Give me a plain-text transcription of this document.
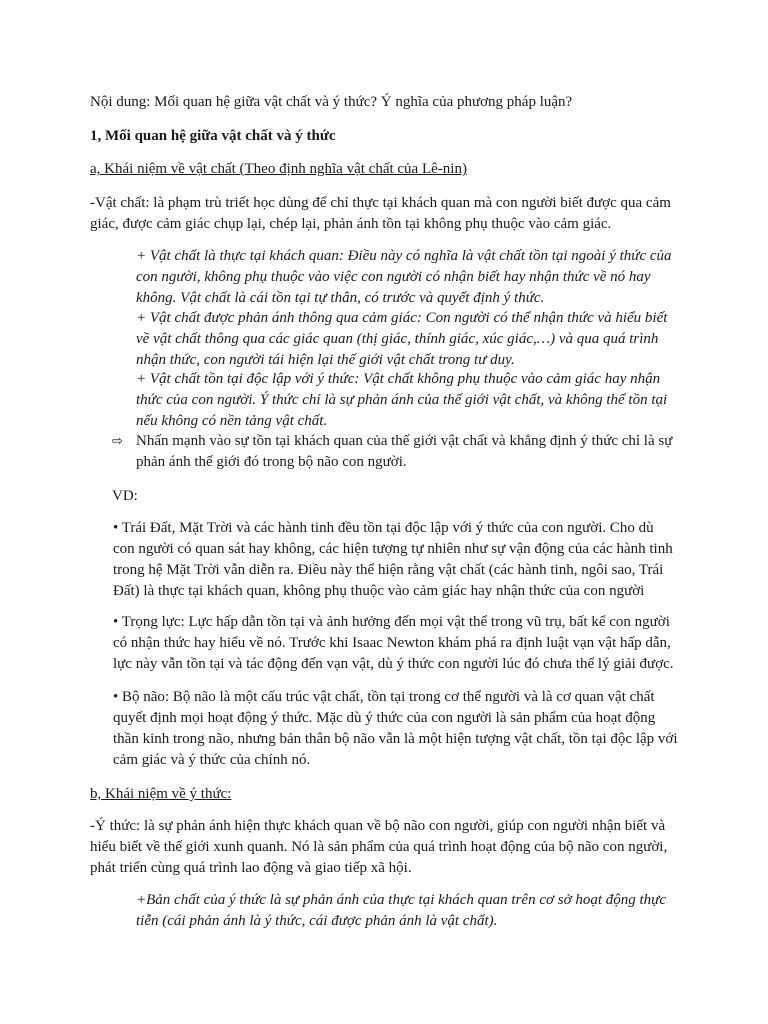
Nội dung: Mối quan hệ giữa vật chất và ý thức? Ý nghĩa của phương pháp luận?

1, Mối quan hệ giữa vật chất và ý thức

a, Khái niệm về vật chất (Theo định nghĩa vật chất của Lê-nin)

-Vật chất: là phạm trù triết học dùng để chỉ thực tại khách quan mà con người biết được qua cảm giác, được cảm giác chụp lại, chép lại, phản ánh tồn tại không phụ thuộc vào cảm giác.

+ Vật chất là thực tại khách quan: Điều này có nghĩa là vật chất tồn tại ngoài ý thức của con người, không phụ thuộc vào việc con người có nhận biết hay nhận thức về nó hay không. Vật chất là cái tồn tại tự thân, có trước và quyết định ý thức.

+ Vật chất được phản ánh thông qua cảm giác: Con người có thể nhận thức và hiểu biết về vật chất thông qua các giác quan (thị giác, thính giác, xúc giác,…) và qua quá trình nhận thức, con người tái hiện lại thế giới vật chất trong tư duy.

+ Vật chất tồn tại độc lập với ý thức: Vật chất không phụ thuộc vào cảm giác hay nhận thức của con người. Ý thức chỉ là sự phản ánh của thế giới vật chất, và không thể tồn tại nếu không có nền tảng vật chất.

⇨ Nhấn mạnh vào sự tồn tại khách quan của thế giới vật chất và khẳng định ý thức chỉ là sự phản ánh thế giới đó trong bộ não con người.

VD:

• Trái Đất, Mặt Trời và các hành tinh đều tồn tại độc lập với ý thức của con người. Cho dù con người có quan sát hay không, các hiện tượng tự nhiên như sự vận động của các hành tinh trong hệ Mặt Trời vẫn diễn ra. Điều này thể hiện rằng vật chất (các hành tinh, ngôi sao, Trái Đất) là thực tại khách quan, không phụ thuộc vào cảm giác hay nhận thức của con người

• Trọng lực: Lực hấp dẫn tồn tại và ảnh hưởng đến mọi vật thể trong vũ trụ, bất kể con người có nhận thức hay hiểu về nó. Trước khi Isaac Newton khám phá ra định luật vạn vật hấp dẫn, lực này vẫn tồn tại và tác động đến vạn vật, dù ý thức con người lúc đó chưa thể lý giải được.

• Bộ não: Bộ não là một cấu trúc vật chất, tồn tại trong cơ thể người và là cơ quan vật chất quyết định mọi hoạt động ý thức. Mặc dù ý thức của con người là sản phẩm của hoạt động thần kinh trong não, nhưng bản thân bộ não vẫn là một hiện tượng vật chất, tồn tại độc lập với cảm giác và ý thức của chính nó.

b, Khái niệm về ý thức:

-Ý thức: là sự phản ánh hiện thực khách quan về bộ não con người, giúp con người nhận biết và hiểu biết về thế giới xunh quanh. Nó là sản phẩm của quá trình hoạt động của bộ não con người, phát triển cùng quá trình lao động và giao tiếp xã hội.

+Bản chất của ý thức là sự phản ánh của thực tại khách quan trên cơ sở hoạt động thực tiễn (cái phản ánh là ý thức, cái được phản ánh là vật chất).
